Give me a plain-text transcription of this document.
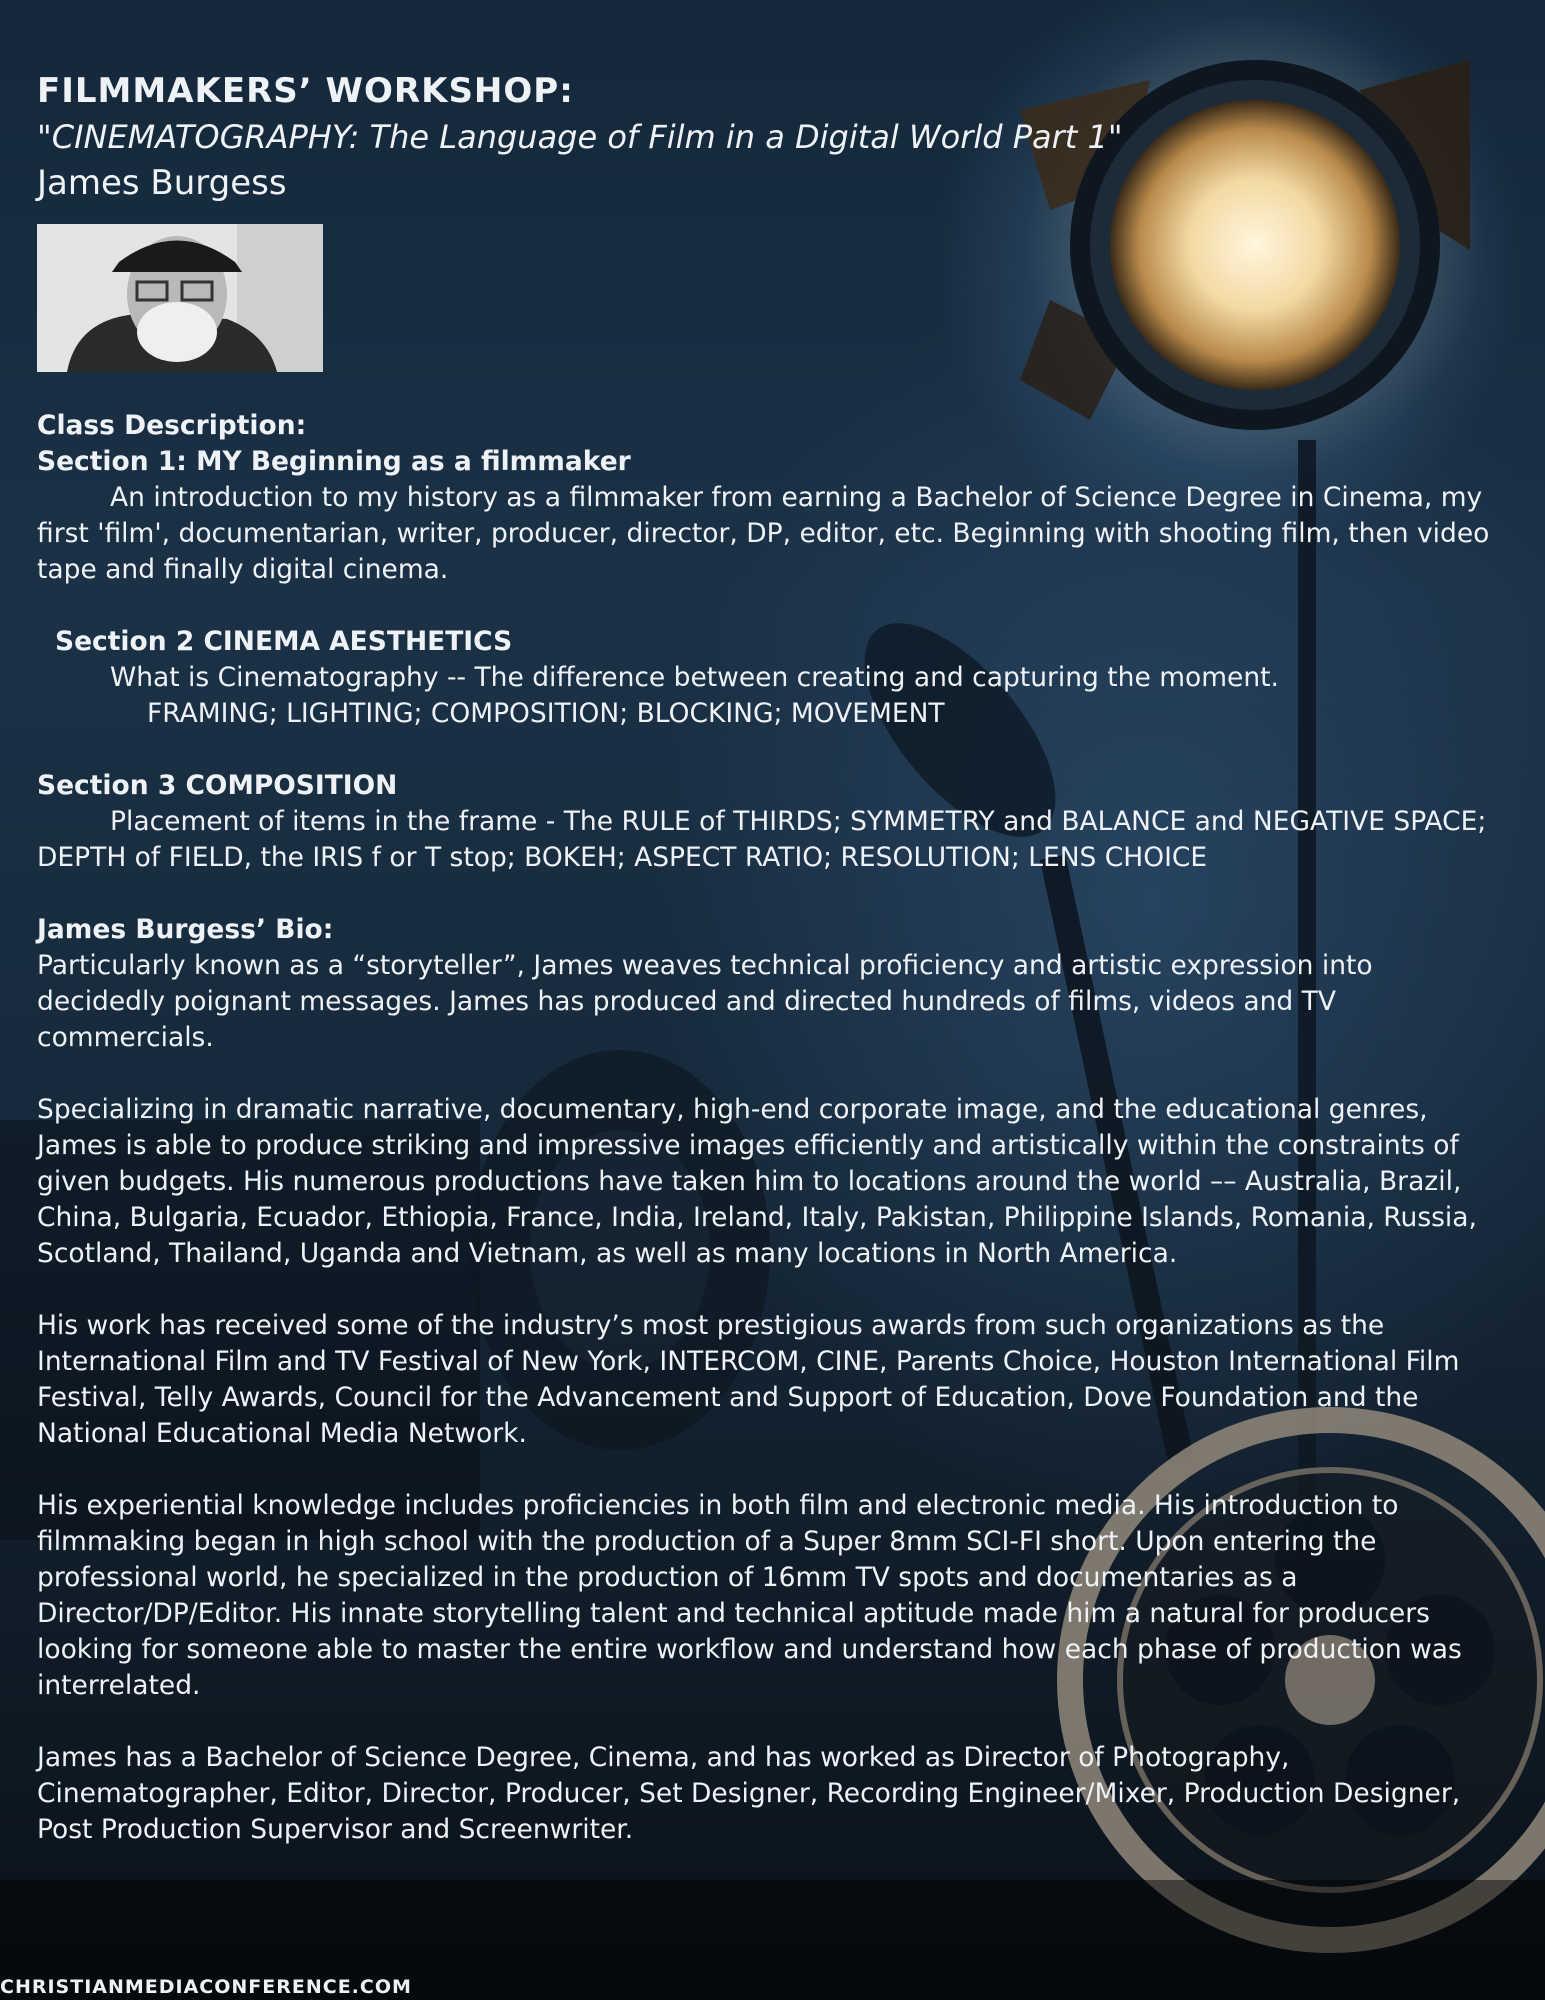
FILMMAKERS’ WORKSHOP:
"CINEMATOGRAPHY: The Language of Film in a Digital World Part 1"
James Burgess
Class Description:
Section 1: MY Beginning as a filmmaker

An introduction to my history as a filmmaker from earning a Bachelor of Science Degree in Cinema, my first 'film', documentarian, writer, producer, director, DP, editor, etc. Beginning with shooting film, then video tape and finally digital cinema.

Section 2 CINEMA AESTHETICS

What is Cinematography -- The difference between creating and capturing the moment.

FRAMING; LIGHTING; COMPOSITION; BLOCKING; MOVEMENT
Section 3 COMPOSITION

Placement of items in the frame - The RULE of THIRDS; SYMMETRY and BALANCE and NEGATIVE SPACE; DEPTH of FIELD, the IRIS f or T stop; BOKEH; ASPECT RATIO; RESOLUTION; LENS CHOICE

James Burgess’ Bio:

Particularly known as a “storyteller”, James weaves technical proficiency and artistic expression into decidedly poignant messages. James has produced and directed hundreds of films, videos and TV commercials.

Specializing in dramatic narrative, documentary, high-end corporate image, and the educational genres, James is able to produce striking and impressive images efficiently and artistically within the constraints of given budgets. His numerous productions have taken him to locations around the world –– Australia, Brazil, China, Bulgaria, Ecuador, Ethiopia, France, India, Ireland, Italy, Pakistan, Philippine Islands, Romania, Russia, Scotland, Thailand, Uganda and Vietnam, as well as many locations in North America.

His work has received some of the industry’s most prestigious awards from such organizations as the International Film and TV Festival of New York, INTERCOM, CINE, Parents Choice, Houston International Film Festival, Telly Awards, Council for the Advancement and Support of Education, Dove Foundation and the National Educational Media Network.

His experiential knowledge includes proficiencies in both film and electronic media. His introduction to filmmaking began in high school with the production of a Super 8mm SCI-FI short. Upon entering the professional world, he specialized in the production of 16mm TV spots and documentaries as a Director/DP/Editor. His innate storytelling talent and technical aptitude made him a natural for producers looking for someone able to master the entire workflow and understand how each phase of production was interrelated.

James has a Bachelor of Science Degree, Cinema, and has worked as Director of Photography, Cinematographer, Editor, Director, Producer, Set Designer, Recording Engineer/Mixer, Production Designer, Post Production Supervisor and Screenwriter.

CHRISTIANMEDIACONFERENCE.COM
